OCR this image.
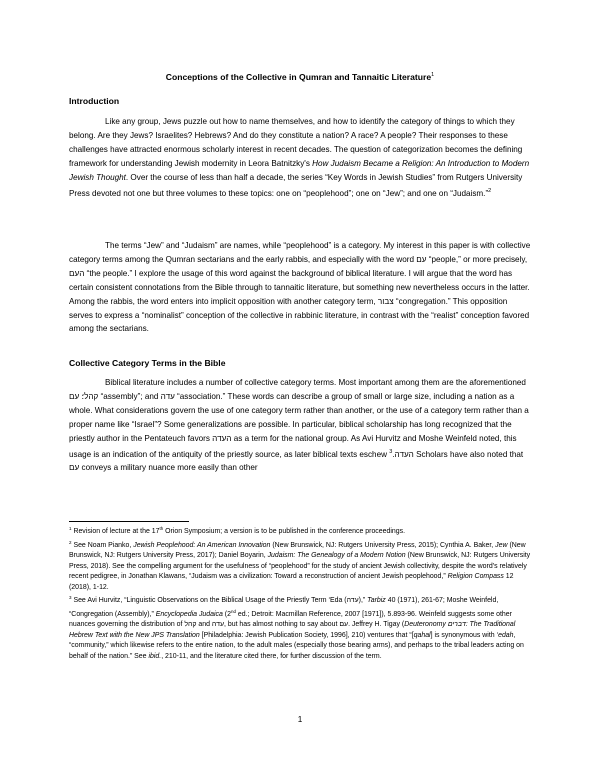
Conceptions of the Collective in Qumran and Tannaitic Literature$^1$
Introduction

Like any group, Jews puzzle out how to name themselves, and how to identify the category of things to which they belong. Are they Jews? Israelites? Hebrews? And do they constitute a nation? A race? A people? Their responses to these challenges have attracted enormous scholarly interest in recent decades. The question of categorization becomes the defining framework for understanding Jewish modernity in Leora Batnitzky's How Judaism Became a Religion: An Introduction to Modern Jewish Thought. Over the course of less than half a decade, the series “Key Words in Jewish Studies” from Rutgers University Press devoted not one but three volumes to these topics: one on “peoplehood”; one on “Jew”; and one on “Judaism.”$^2$

The terms “Jew” and “Judaism” are names, while “peoplehood” is a category. My interest in this paper is with collective category terms among the Qumran sectarians and the early rabbis, and especially with the word עם “people,” or more precisely, העם “the people.” I explore the usage of this word against the background of biblical literature. I will argue that the word has certain consistent connotations from the Bible through to tannaitic literature, but something new nevertheless occurs in the latter. Among the rabbis, the word enters into implicit opposition with another category term, צבור “congregation.” This opposition serves to express a “nominalist” conception of the collective in rabbinic literature, in contrast with the “realist” conception favored among the sectarians.

Collective Category Terms in the Bible

Biblical literature includes a number of collective category terms. Most important among them are the aforementioned קהל؛ עם “assembly”; and עדה “association.” These words can describe a group of small or large size, including a nation as a whole. What considerations govern the use of one category term rather than another, or the use of a category term rather than a proper name like “Israel”? Some generalizations are possible. In particular, biblical scholarship has long recognized that the priestly author in the Pentateuch favors העדה as a term for the national group. As Avi Hurvitz and Moshe Weinfeld noted, this usage is an indication of the antiquity of the priestly source, as later biblical texts eschew העדה.$^3$	Scholars have also noted that עם conveys a military nuance more easily than other

$^1$ Revision of lecture at the 17th Orion Symposium; a version is to be published in the conference proceedings.

$^2$ See Noam Pianko, Jewish Peoplehood: An American Innovation (New Brunswick, NJ: Rutgers University Press, 2015); Cynthia A. Baker, Jew (New Brunswick, NJ: Rutgers University Press, 2017); Daniel Boyarin, Judaism: The Genealogy of a Modern Notion (New Brunswick, NJ: Rutgers University Press, 2018). See the compelling argument for the usefulness of “peoplehood” for the study of ancient Jewish collectivity, despite the word’s relatively recent pedigree, in Jonathan Klawans, “Judaism was a civilization: Toward a reconstruction of ancient Jewish peoplehood,” Religion Compass 12 (2018), 1-12.

$^3$ See Avi Hurvitz, “Linguistic Observations on the Biblical Usage of the Priestly Term ‘Eda (עדה),” Tarbiz 40 (1971), 261-67; Moshe Weinfeld, “Congregation (Assembly),” Encyclopedia Judaica (2nd ed.; Detroit: Macmillan Reference, 2007 [1971]), 5.893-96. Weinfeld suggests some other nuances governing the distribution of עדה and קהל, but has almost nothing to say about עם. Jeffrey H. Tigay (Deuteronomy דברים: The Traditional Hebrew Text with the New JPS Translation [Philadelphia: Jewish Publication Society, 1996], 210) ventures that “[qahal] is synonymous with ‘edah, “community,” which likewise refers to the entire nation, to the adult males (especially those bearing arms), and perhaps to the tribal leaders acting on behalf of the nation.” See ibid., 210-11, and the literature cited there, for further discussion of the term.

1
